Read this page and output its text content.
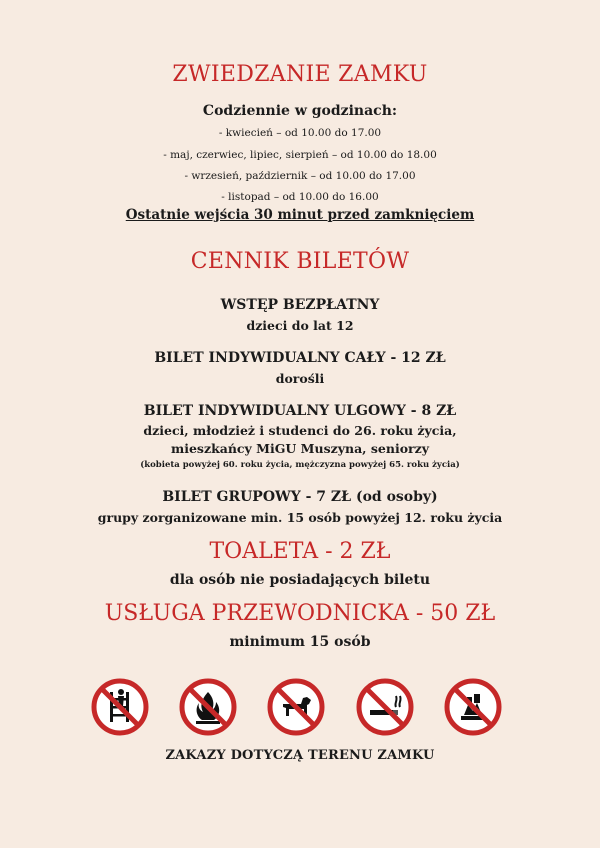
ZWIEDZANIE ZAMKU
Codziennie w godzinach:
- kwiecień – od 10.00 do 17.00
- maj, czerwiec, lipiec, sierpień – od 10.00 do 18.00
- wrzesień, październik – od 10.00 do 17.00
- listopad – od 10.00 do 16.00
Ostatnie wejścia 30 minut przed zamknięciem
CENNIK BILETÓW
WSTĘP BEZPŁATNY
dzieci do lat 12
BILET INDYWIDUALNY CAŁY - 12 ZŁ
dorośli
BILET INDYWIDUALNY ULGOWY - 8 ZŁ
dzieci, młodzież i studenci do 26. roku życia,
mieszkańcy MiGU Muszyna, seniorzy
(kobieta powyżej 60. roku życia, mężczyzna powyżej 65. roku życia)
BILET GRUPOWY - 7 ZŁ (od osoby)
grupy zorganizowane min. 15 osób powyżej 12. roku życia
TOALETA - 2 ZŁ
dla osób nie posiadających biletu
USŁUGA PRZEWODNICKA - 50 ZŁ
minimum 15 osób
ZAKAZY DOTYCZĄ TERENU ZAMKU
